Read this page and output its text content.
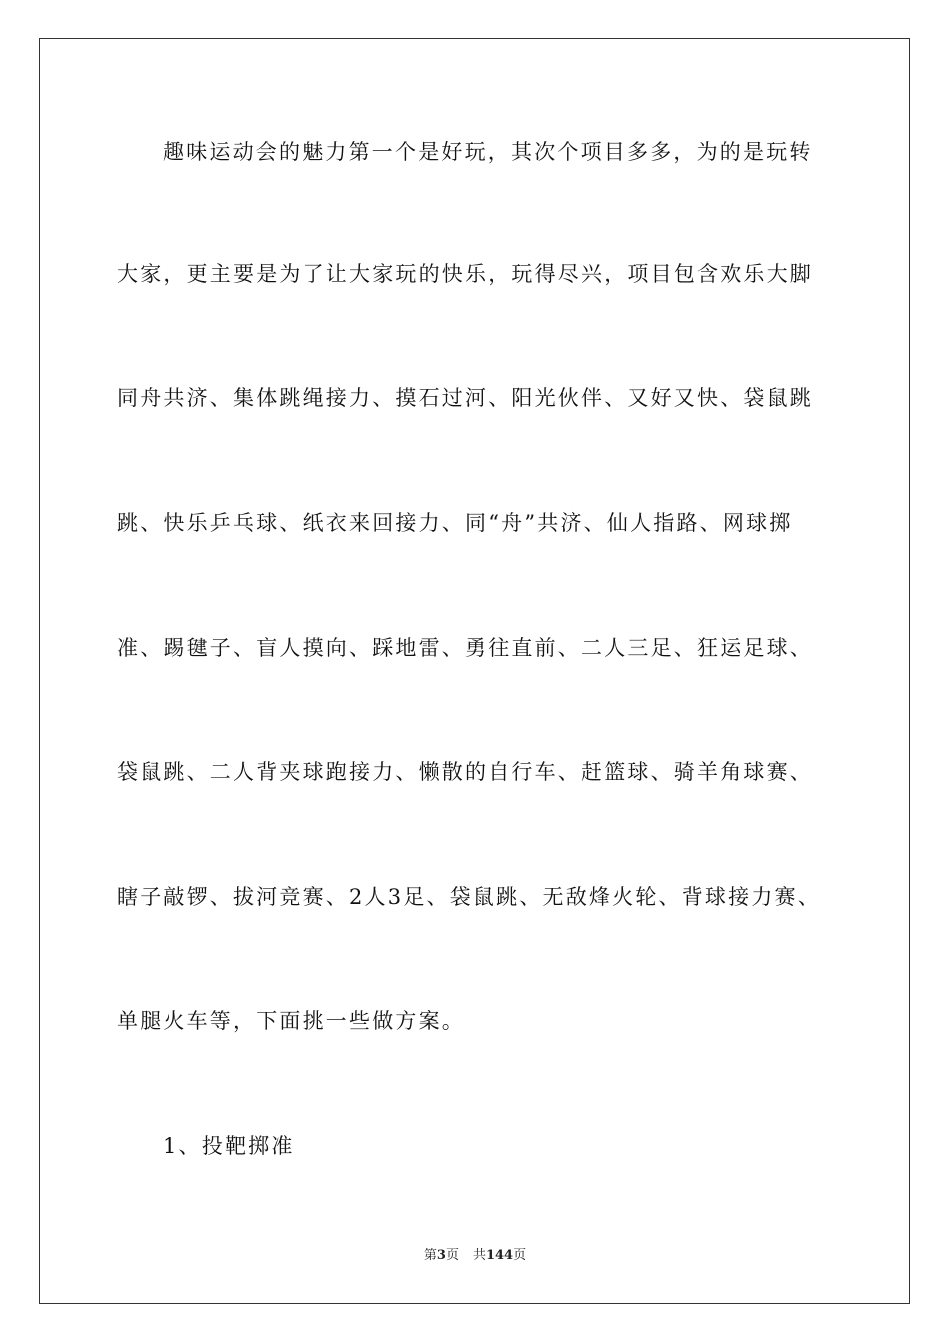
趣味运动会的魅力第一个是好玩，其次个项目多多，为的是玩转
大家，更主要是为了让大家玩的快乐，玩得尽兴，项目包含欢乐大脚
同舟共济、集体跳绳接力、摸石过河、阳光伙伴、又好又快、袋鼠跳
跳、快乐乒乓球、纸衣来回接力、同“舟”共济、仙人指路、网球掷
准、踢毽子、盲人摸向、踩地雷、勇往直前、二人三足、狂运足球、
袋鼠跳、二人背夹球跑接力、懒散的自行车、赶篮球、骑羊角球赛、
瞎子敲锣、拔河竞赛、2人3足、袋鼠跳、无敌烽火轮、背球接力赛、
单腿火车等，下面挑一些做方案。
1、投靶掷准
第3页 共144页
